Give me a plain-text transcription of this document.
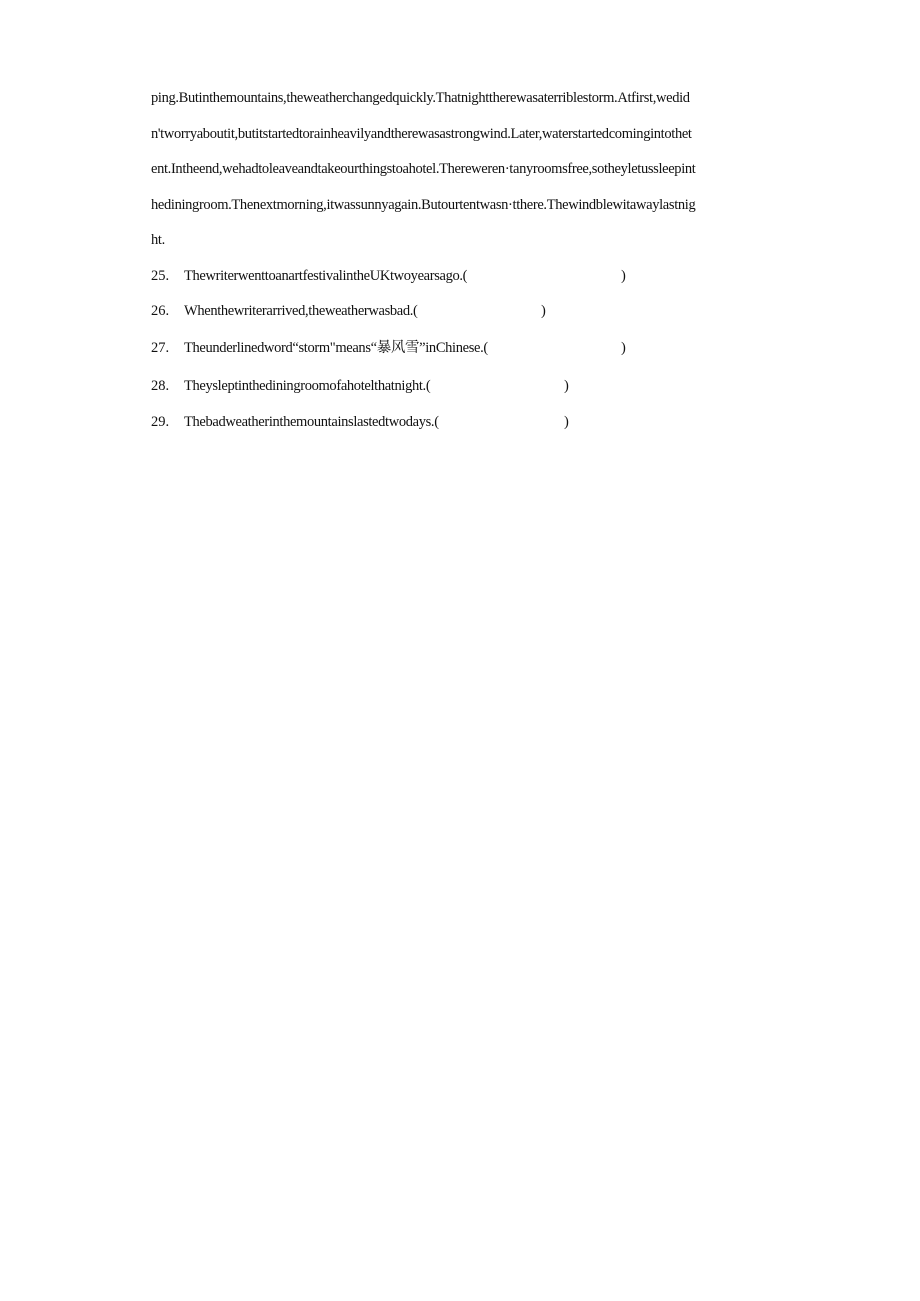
ping.Butinthemountains,theweatherchangedquickly.Thatnighttherewasaterriblestorm.Atfirst,wedid
n'tworryaboutit,butitstartedtorainheavilyandtherewasastrongwind.Later,waterstartedcomingintothet
ent.Intheend,wehadtoleaveandtakeourthingstoahotel.Thereweren·tanyroomsfree,sotheyletussleepint
hediningroom.Thenextmorning,itwassunnyagain.Butourtentwasn·tthere.Thewindblewitawaylastnig
ht.
25. ThewriterwenttoanartfestivalintheUKtwoyearsago.(	)
26. Whenthewriterarrived,theweatherwasbad.(	)
27. Theunderlinedword“storm"means“暴风雪”inChinese.(	)
28. Theysleptinthediningroomofahotelthatnight.(	)
29. Thebadweatherinthemountainslastedtwodays.(	)
